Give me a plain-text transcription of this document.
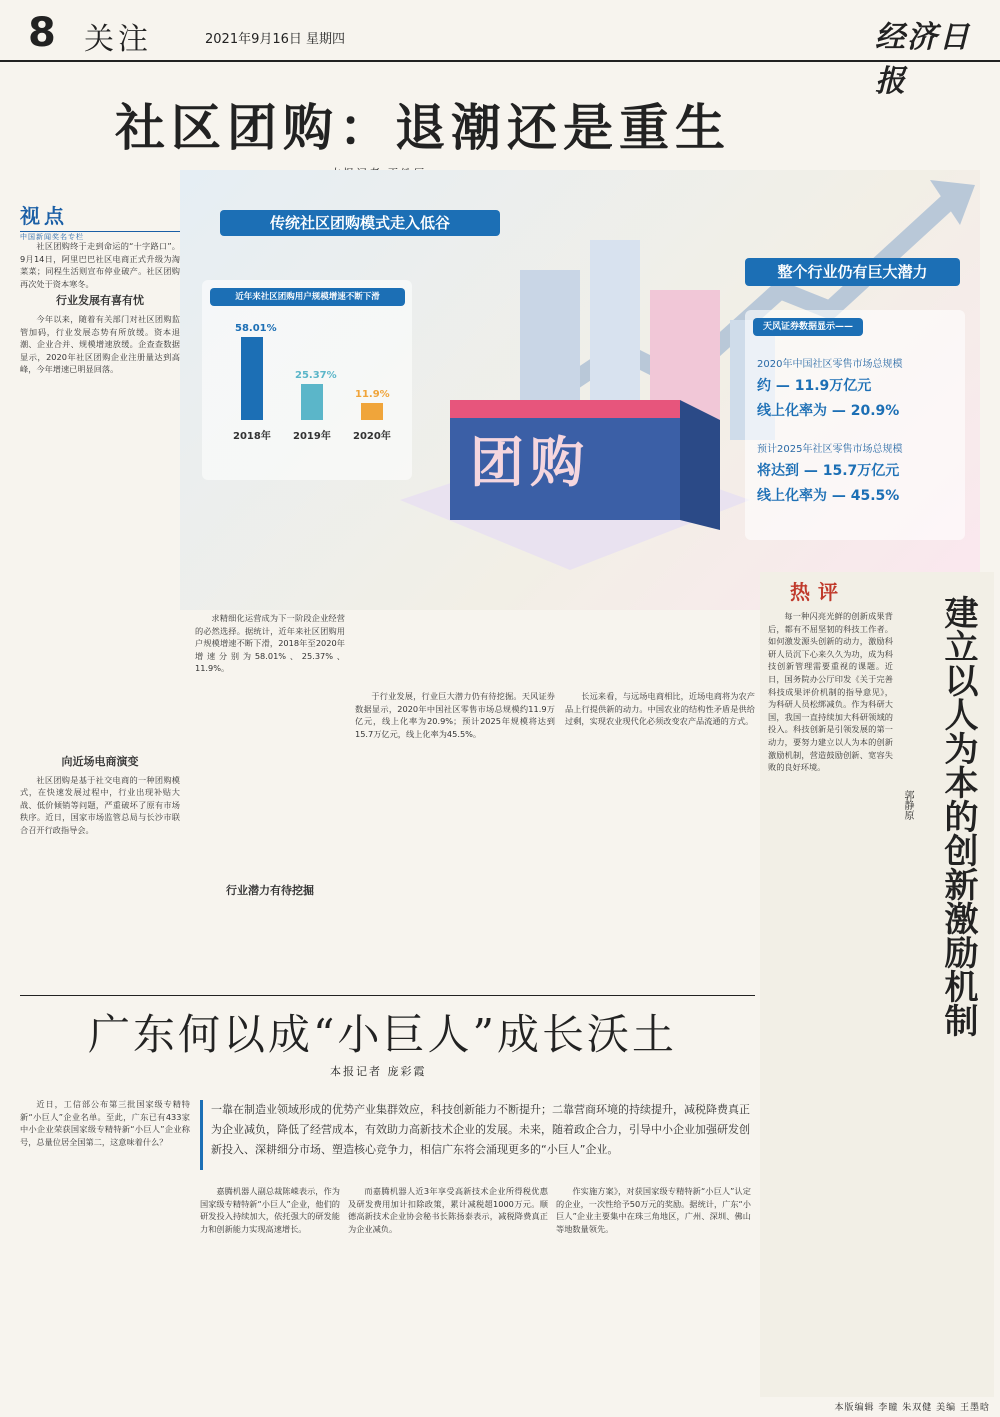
8 关注	2021年9月16日 星期四	经济日报
社区团购：退潮还是重生
视点
中国新闻奖名专栏

社区团购终于走到命运的“十字路口”。9月14日，阿里巴巴社区电商正式升级为淘菜菜；同程生活则宣布停业破产。社区团购再次处于资本寒冬。

行业发展有喜有忧

今年以来，随着有关部门对社区团购监管加码，行业发展态势有所放缓。资本退潮、企业合并、规模增速放缓。企查查数据显示，2020年社区团购企业注册量达到高峰，今年增速已明显回落。

向近场电商演变

社区团购是基于社交电商的一种团购模式，在快速发展过程中，行业出现补贴大战、低价倾销等问题，严重破坏了原有市场秩序。近日，国家市场监管总局与长沙市联合召开行政指导会。

团购
传统社区团购模式走入低谷
整个行业仍有巨大潜力
近年来社区团购用户规模增速不断下滑
58.01%
2018年
25.37%
2019年
11.9%
2020年
天风证券数据显示——
2020年中国社区零售市场总规模
约 — 11.9万亿元
线上化率为 — 20.9%
预计2025年社区零售市场总规模
将达到 — 15.7万亿元
线上化率为 — 45.5%

求精细化运营成为下一阶段企业经营的必然选择。据统计，近年来社区团购用户规模增速不断下滑，2018年至2020年增速分别为58.01%、25.37%、11.9%。

行业潜力有待挖掘

于行业发展，行业巨大潜力仍有待挖掘。天风证券数据显示，2020年中国社区零售市场总规模约11.9万亿元，线上化率为20.9%；预计2025年规模将达到15.7万亿元，线上化率为45.5%。

长远来看，与远场电商相比，近场电商将为农产品上行提供新的动力。中国农业的结构性矛盾是供给过剩，实现农业现代化必须改变农产品流通的方式。

热评
建立以人为本的创新激励机制
郭静原

每一种闪亮光鲜的创新成果背后，都有不屈坚韧的科技工作者。如何激发源头创新的动力，激励科研人员沉下心来久久为功，成为科技创新管理需要重视的课题。近日，国务院办公厅印发《关于完善科技成果评价机制的指导意见》，为科研人员松绑减负。作为科研大国，我国一直持续加大科研领域的投入。科技创新是引领发展的第一动力，要努力建立以人为本的创新激励机制，营造鼓励创新、宽容失败的良好环境。

广东何以成“小巨人”成长沃土
本报记者 庞彩霞
一靠在制造业领域形成的优势产业集群效应，科技创新能力不断提升；二靠营商环境的持续提升，减税降费真正为企业减负，降低了经营成本，有效助力高新技术企业的发展。未来，随着政企合力，引导中小企业加强研发创新投入、深耕细分市场、塑造核心竞争力，相信广东将会涌现更多的“小巨人”企业。

近日，工信部公布第三批国家级专精特新“小巨人”企业名单。至此，广东已有433家中小企业荣获国家级专精特新“小巨人”企业称号，总量位居全国第二，这意味着什么？

嘉腾机器人副总裁陈嵘表示，作为国家级专精特新“小巨人”企业，他们的研发投入持续加大，依托强大的研发能力和创新能力实现高速增长。

而嘉腾机器人近3年享受高新技术企业所得税优惠及研发费用加计扣除政策，累计减税超1000万元。顺德高新技术企业协会秘书长陈扬泰表示，减税降费真正为企业减负。

作实施方案》，对获国家级专精特新“小巨人”认定的企业，一次性给予50万元的奖励。据统计，广东“小巨人”企业主要集中在珠三角地区，广州、深圳、佛山等地数量领先。

本版编辑 李瞳 朱双健 美编 王墨晗
